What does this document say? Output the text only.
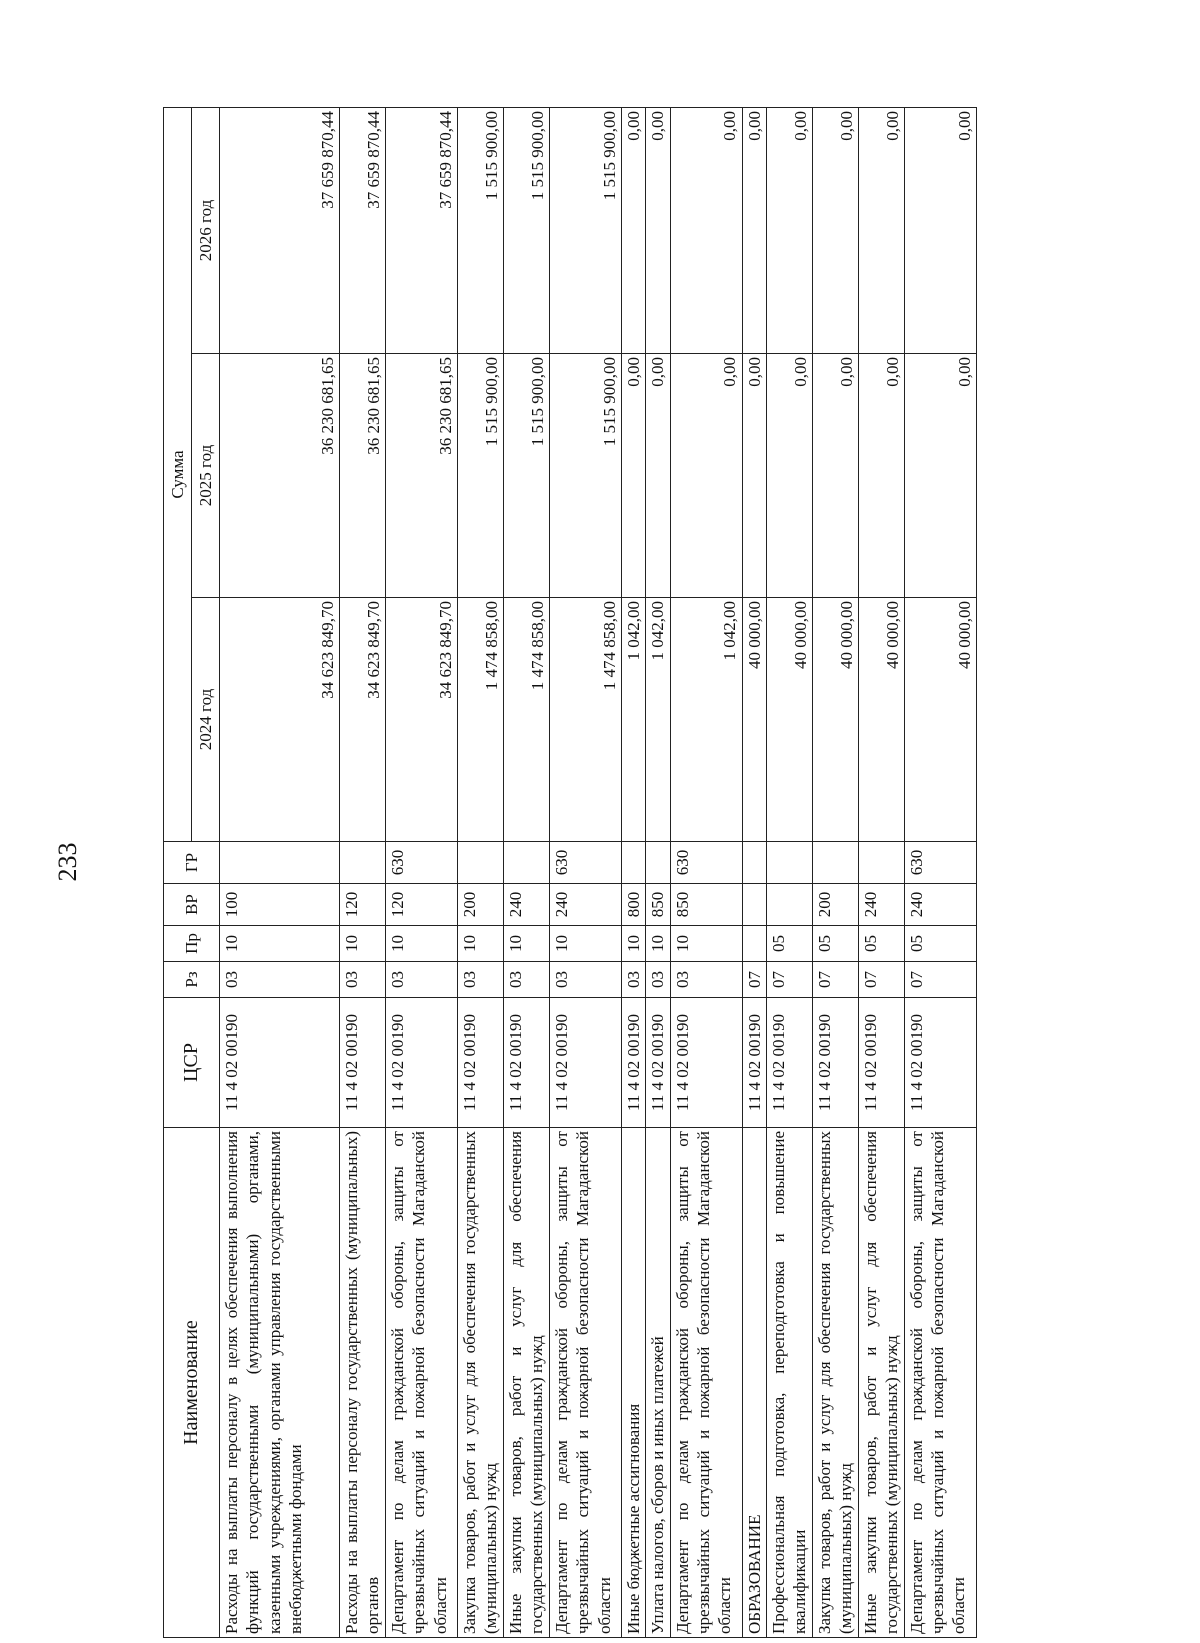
233
Наименование	ЦСР	Рз	Пр	ВР	ГР	Сумма		
						2024 год	2025 год	2026 год
Расходы на выплаты персоналу в целях обеспечения выполнения функций государственными (муниципальными) органами, казенными учреждениями, органами управления государственными внебюджетными фондами	11 4 02 00190	03	10	100		34 623 849,70	36 230 681,65	37 659 870,44
Расходы на выплаты персоналу государственных (муниципальных) органов	11 4 02 00190	03	10	120		34 623 849,70	36 230 681,65	37 659 870,44
Департамент по делам гражданской обороны, защиты от чрезвычайных ситуаций и пожарной безопасности Магаданской области	11 4 02 00190	03	10	120	630	34 623 849,70	36 230 681,65	37 659 870,44
Закупка товаров, работ и услуг для обеспечения государственных (муниципальных) нужд	11 4 02 00190	03	10	200		1 474 858,00	1 515 900,00	1 515 900,00
Иные закупки товаров, работ и услуг для обеспечения государственных (муниципальных) нужд	11 4 02 00190	03	10	240		1 474 858,00	1 515 900,00	1 515 900,00
Департамент по делам гражданской обороны, защиты от чрезвычайных ситуаций и пожарной безопасности Магаданской области	11 4 02 00190	03	10	240	630	1 474 858,00	1 515 900,00	1 515 900,00
Иные бюджетные ассигнования	11 4 02 00190	03	10	800		1 042,00	0,00	0,00
Уплата налогов, сборов и иных платежей	11 4 02 00190	03	10	850		1 042,00	0,00	0,00
Департамент по делам гражданской обороны, защиты от чрезвычайных ситуаций и пожарной безопасности Магаданской области	11 4 02 00190	03	10	850	630	1 042,00	0,00	0,00
ОБРАЗОВАНИЕ	11 4 02 00190	07				40 000,00	0,00	0,00
Профессиональная подготовка, переподготовка и повышение квалификации	11 4 02 00190	07	05			40 000,00	0,00	0,00
Закупка товаров, работ и услуг для обеспечения государственных (муниципальных) нужд	11 4 02 00190	07	05	200		40 000,00	0,00	0,00
Иные закупки товаров, работ и услуг для обеспечения государственных (муниципальных) нужд	11 4 02 00190	07	05	240		40 000,00	0,00	0,00
Департамент по делам гражданской обороны, защиты от чрезвычайных ситуаций и пожарной безопасности Магаданской области	11 4 02 00190	07	05	240	630	40 000,00	0,00	0,00
